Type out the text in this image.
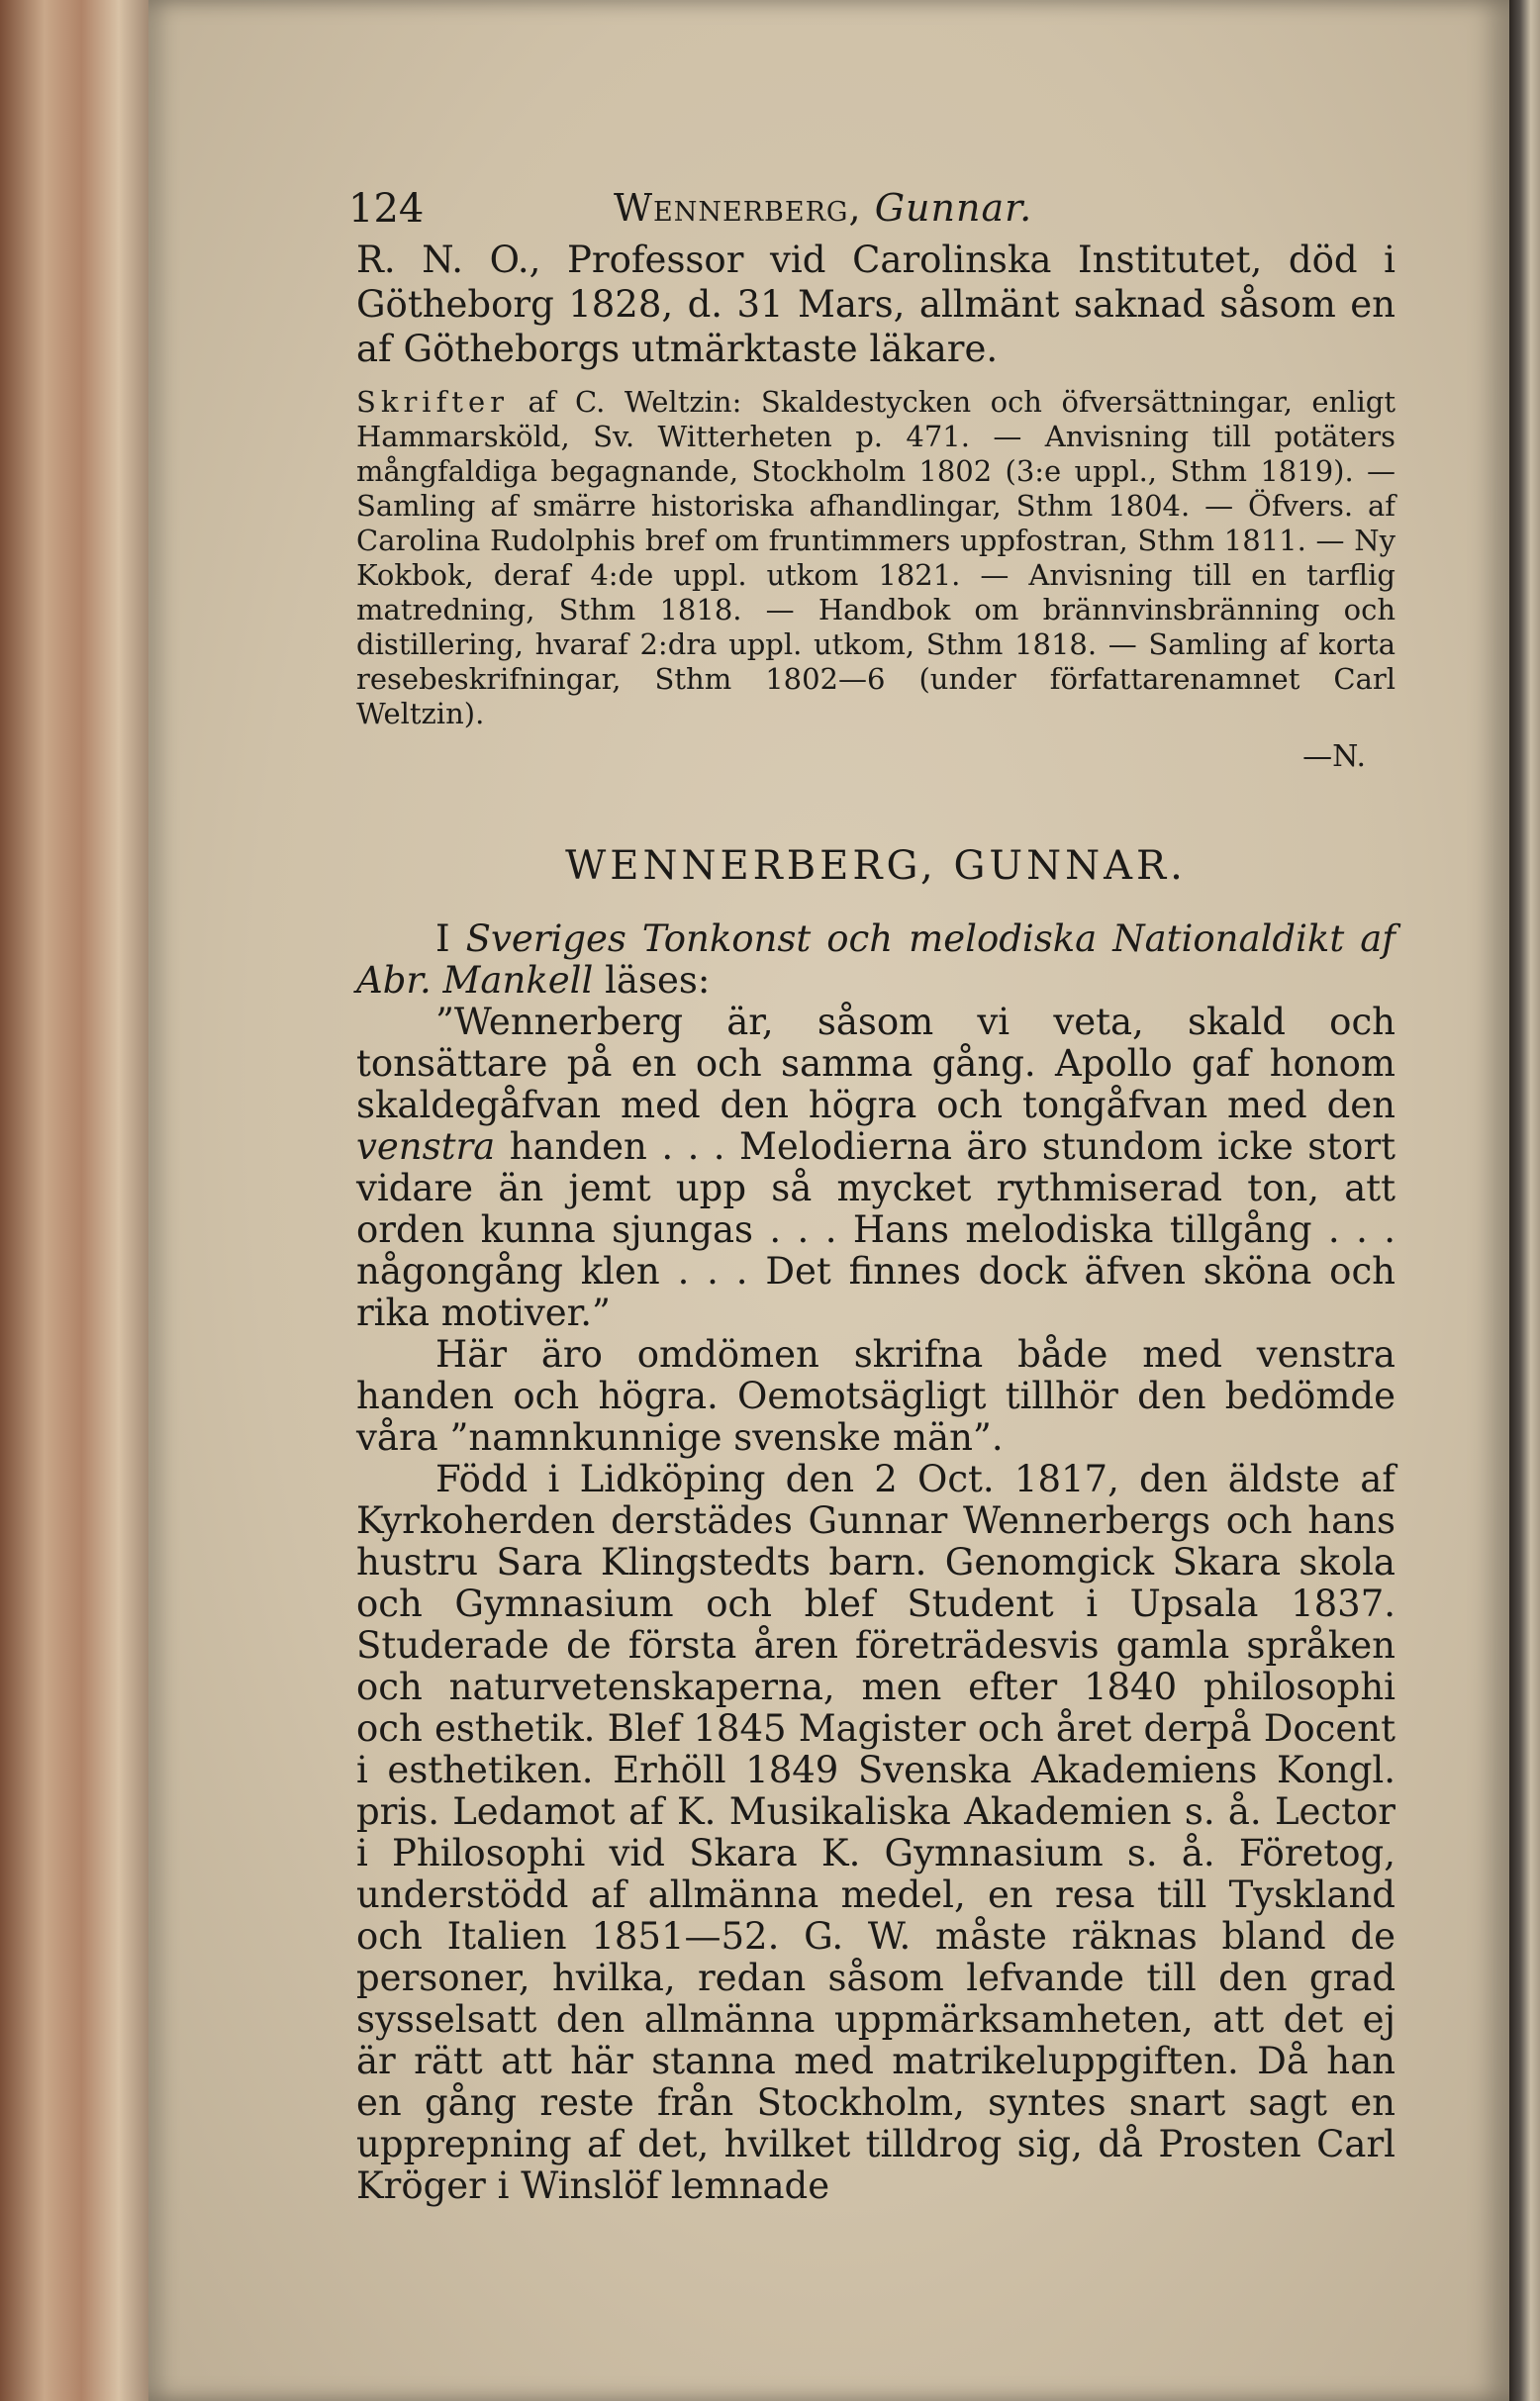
124	Wennerberg, Gunnar.

R. N. O., Professor vid Carolinska Institutet, död i Götheborg 1828, d. 31 Mars, allmänt saknad såsom en af Götheborgs utmärktaste läkare.

Skrifter af C. Weltzin: Skaldestycken och öfversättningar, enligt Hammarsköld, Sv. Witterheten p. 471. — Anvisning till potäters mångfaldiga begagnande, Stockholm 1802 (3:e uppl., Sthm 1819). — Samling af smärre historiska afhandlingar, Sthm 1804. — Öfvers. af Carolina Rudolphis bref om fruntimmers uppfostran, Sthm 1811. — Ny Kokbok, deraf 4:de uppl. utkom 1821. — Anvisning till en tarflig matredning, Sthm 1818. — Handbok om brännvinsbränning och distillering, hvaraf 2:dra uppl. utkom, Sthm 1818. — Samling af korta resebeskrifningar, Sthm 1802—6 (under författarenamnet Carl Weltzin).

—N.
WENNERBERG, GUNNAR.

I Sveriges Tonkonst och melodiska Nationaldikt af Abr. Mankell läses:

”Wennerberg är, såsom vi veta, skald och tonsättare på en och samma gång. Apollo gaf honom skaldegåfvan med den högra och tongåfvan med den venstra handen . . . Melodierna äro stundom icke stort vidare än jemt upp så mycket rythmiserad ton, att orden kunna sjungas . . . Hans melodiska tillgång . . . någongång klen . . . Det finnes dock äfven sköna och rika motiver.”

Här äro omdömen skrifna både med venstra handen och högra. Oemotsägligt tillhör den bedömde våra ”namnkunnige svenske män”.

Född i Lidköping den 2 Oct. 1817, den äldste af Kyrkoherden derstädes Gunnar Wennerbergs och hans hustru Sara Klingstedts barn. Genomgick Skara skola och Gymnasium och blef Student i Upsala 1837. Studerade de första åren företrädesvis gamla språken och naturvetenskaperna, men efter 1840 philosophi och esthetik. Blef 1845 Magister och året derpå Docent i esthetiken. Erhöll 1849 Svenska Akademiens Kongl. pris. Ledamot af K. Musikaliska Akademien s. å. Lector i Philosophi vid Skara K. Gymnasium s. å. Företog, understödd af allmänna medel, en resa till Tyskland och Italien 1851—52. G. W. måste räknas bland de personer, hvilka, redan såsom lefvande till den grad sysselsatt den allmänna uppmärksamheten, att det ej är rätt att här stanna med matrikeluppgiften. Då han en gång reste från Stockholm, syntes snart sagt en upprepning af det, hvilket tilldrog sig, då Prosten Carl Kröger i Winslöf lemnade
